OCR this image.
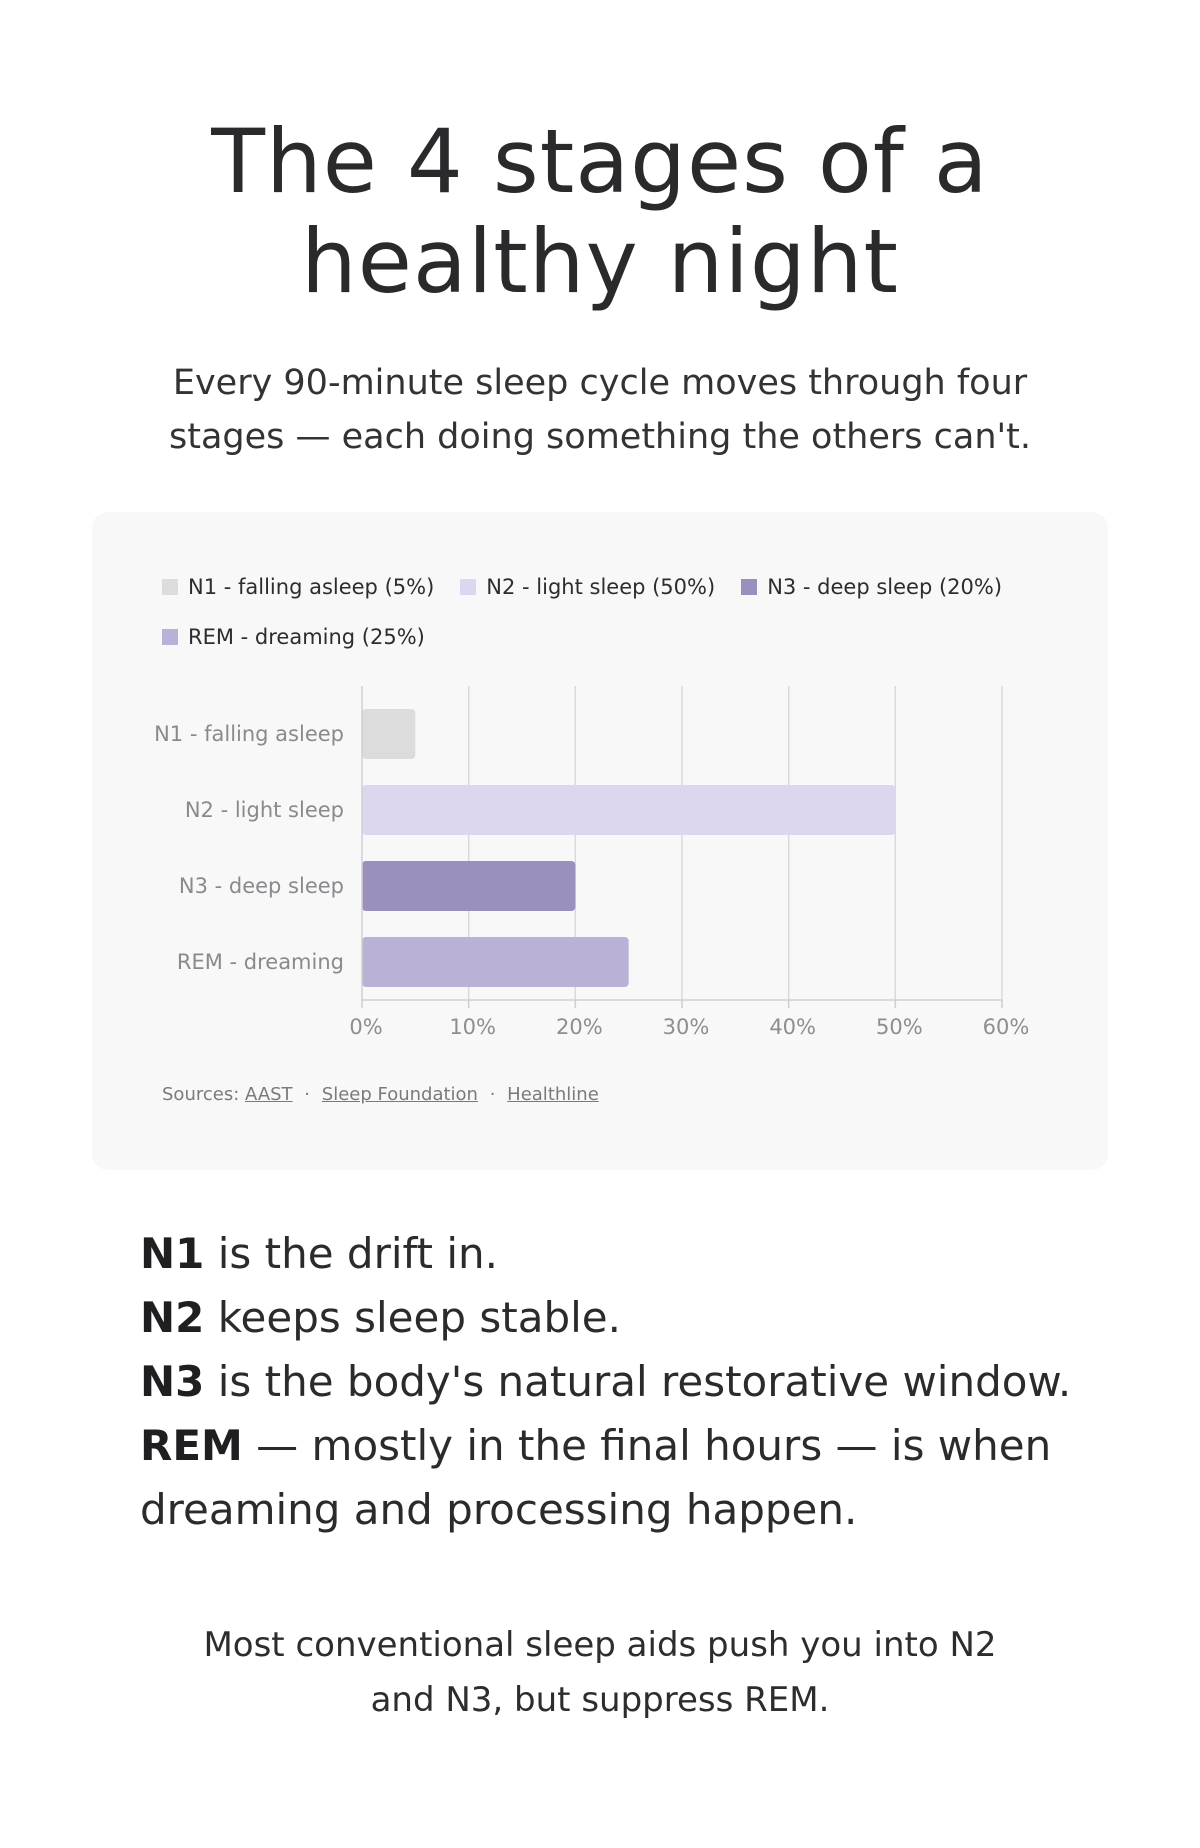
The 4 stages of a
healthy night

Every 90-minute sleep cycle moves through four
stages — each doing something the others can't.

N1 - falling asleep (5%) N2 - light sleep (50%) N3 - deep sleep (20%)
REM - dreaming (25%)
0%	10%	20%	30%	40%	50%	60%
N1 - falling asleep
N2 - light sleep
N3 - deep sleep
REM - dreaming
Sources: AAST · Sleep Foundation · Healthline

N1 is the drift in.

N2 keeps sleep stable.

N3 is the body's natural restorative window.

REM — mostly in the final hours — is when dreaming and processing happen.

Most conventional sleep aids push you into N2
and N3, but suppress REM.
